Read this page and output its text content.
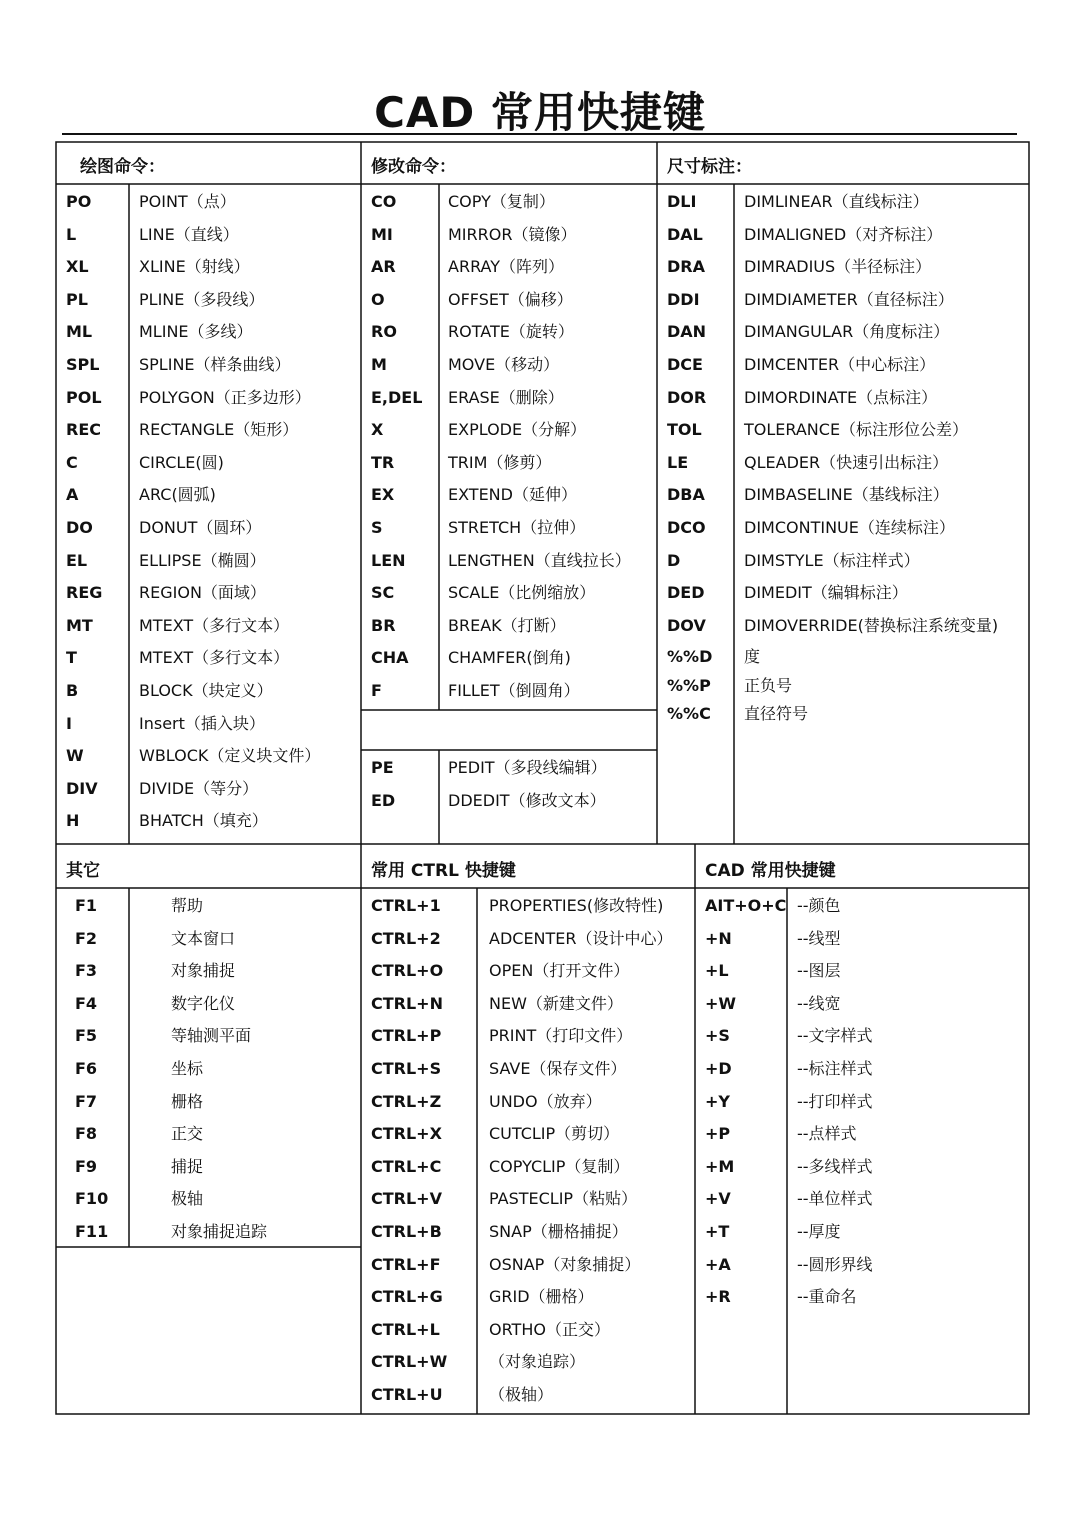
CAD 常用快捷键
绘图命令：	修改命令：	尺寸标注：
其它	常用 CTRL 快捷键	CAD 常用快捷键
PO	POINT（点）
L	LINE（直线）
XL	XLINE（射线）
PL	PLINE（多段线）
ML	MLINE（多线）
SPL SPLINE（样条曲线）
POL POLYGON（正多边形）
REC RECTANGLE（矩形）
C	CIRCLE(圆)
A	ARC(圆弧)
DO	DONUT（圆环）
EL	ELLIPSE（椭圆）
REG REGION（面域）
MT	MTEXT（多行文本）
T	MTEXT（多行文本）
B	BLOCK（块定义）
I	Insert（插入块）
W	WBLOCK（定义块文件）
DIV	DIVIDE（等分）
H	BHATCH（填充）
CO	COPY（复制）
MI	MIRROR（镜像）
AR	ARRAY（阵列）
O	OFFSET（偏移）
RO	ROTATE（旋转）
M	MOVE（移动）
E,DEL ERASE（删除）
X	EXPLODE（分解）
TR	TRIM（修剪）
EX	EXTEND（延伸）
S	STRETCH（拉伸）
LEN	LENGTHEN（直线拉长）
SC	SCALE（比例缩放）
BR	BREAK（打断）
CHA CHAMFER(倒角)
F	FILLET（倒圆角）
PE	PEDIT（多段线编辑）
ED	DDEDIT（修改文本）
DLI	DIMLINEAR（直线标注）
DAL	DIMALIGNED（对齐标注）
DRA DIMRADIUS（半径标注）
DDI	DIMDIAMETER（直径标注）
DAN DIMANGULAR（角度标注）
DCE	DIMCENTER（中心标注）
DOR DIMORDINATE（点标注）
TOL	TOLERANCE（标注形位公差）
LE	QLEADER（快速引出标注）
DBA DIMBASELINE（基线标注）
DCO DIMCONTINUE（连续标注）
D	DIMSTYLE（标注样式）
DED DIMEDIT（编辑标注）
DOV DIMOVERRIDE(替换标注系统变量)
%%D 度
%%P 正负号
%%C 直径符号
F1	帮助
F2	文本窗口
F3	对象捕捉
F4	数字化仪
F5	等轴测平面
F6	坐标
F7	栅格
F8	正交
F9	捕捉
F10	极轴
F11	对象捕捉追踪
CTRL+1	PROPERTIES(修改特性)
CTRL+2	ADCENTER（设计中心）
CTRL+O	OPEN（打开文件）
CTRL+N	NEW（新建文件）
CTRL+P	PRINT（打印文件）
CTRL+S	SAVE（保存文件）
CTRL+Z	UNDO（放弃）
CTRL+X	CUTCLIP（剪切）
CTRL+C	COPYCLIP（复制）
CTRL+V	PASTECLIP（粘贴）
CTRL+B	SNAP（栅格捕捉）
CTRL+F	OSNAP（对象捕捉）
CTRL+G	GRID（栅格）
CTRL+L	ORTHO（正交）
CTRL+W	（对象追踪）
CTRL+U	（极轴）
AIT+O+C --颜色
+N	--线型
+L	--图层
+W	--线宽
+S	--文字样式
+D	--标注样式
+Y	--打印样式
+P	--点样式
+M	--多线样式
+V	--单位样式
+T	--厚度
+A	--圆形界线
+R	--重命名
